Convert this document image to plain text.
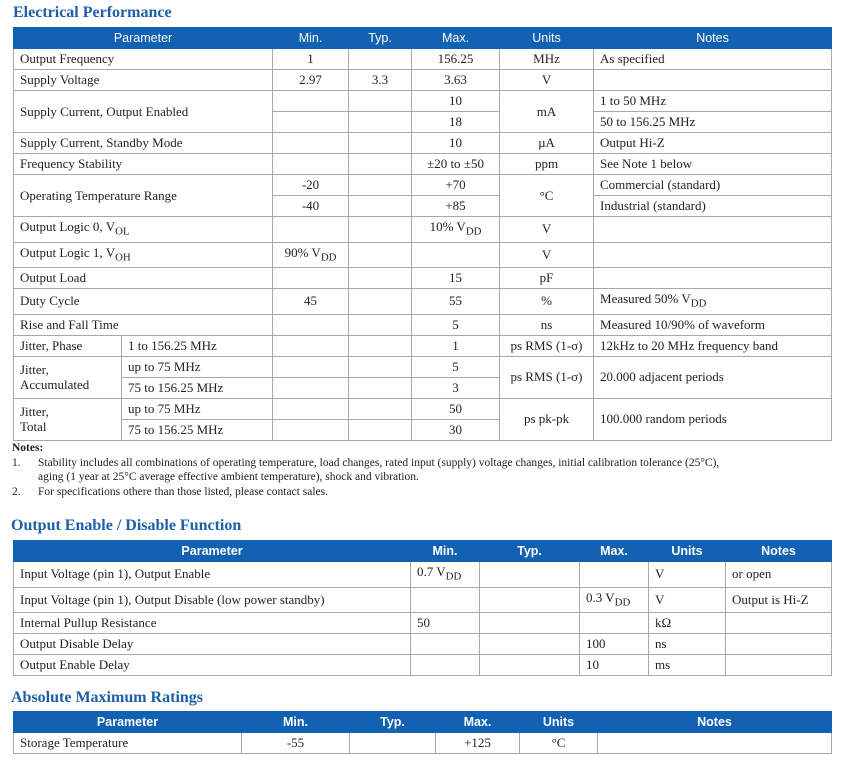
Electrical Performance
Parameter		Min.	Typ.	Max.	Units	Notes
Output Frequency		1		156.25	MHz	As specified
Supply Voltage		2.97	3.3	3.63	V	
Supply Current, Output Enabled				10	mA	1 to 50 MHz
				18		50 to 156.25 MHz
Supply Current, Standby Mode				10	µA	Output Hi-Z
Frequency Stability				±20 to ±50	ppm	See Note 1 below
Operating Temperature Range		-20		+70	°C	Commercial (standard)
		-40		+85		Industrial (standard)
Output Logic 0, $V_{OL}$				10% $V_{DD}$	V	
Output Logic 1, $V_{OH}$		90% $V_{DD}$			V	
Output Load				15	pF	
Duty Cycle		45		55	%	Measured 50% $V_{DD}$
Rise and Fall Time				5	ns	Measured 10/90% of waveform
Jitter, Phase	1 to 156.25 MHz			1	ps RMS (1-σ)	12kHz to 20 MHz frequency band
Jitter,
Accumulated	up to 75 MHz			5	ps RMS (1-σ)	20.000 adjacent periods
	75 to 156.25 MHz			3		
Jitter,
Total	up to 75 MHz			50	ps pk-pk	100.000 random periods
	75 to 156.25 MHz			30		
Notes:
1.	Stability includes all combinations of operating temperature, load changes, rated input (supply) voltage changes, initial calibration tolerance (25°C),
aging (1 year at 25°C average effective ambient temperature), shock and vibration.
2.	For specifications othere than those listed, please contact sales.
Output Enable / Disable Function
Parameter	Min.	Typ.	Max.	Units	Notes
Input Voltage (pin 1), Output Enable	0.7 $V_{DD}$			V	or open
Input Voltage (pin 1), Output Disable (low power standby)			0.3 $V_{DD}$	V	Output is Hi-Z
Internal Pullup Resistance	50			kΩ	
Output Disable Delay			100	ns	
Output Enable Delay			10	ms	
Absolute Maximum Ratings
Parameter	Min.	Typ.	Max.	Units	Notes
Storage Temperature	-55		+125	°C	
